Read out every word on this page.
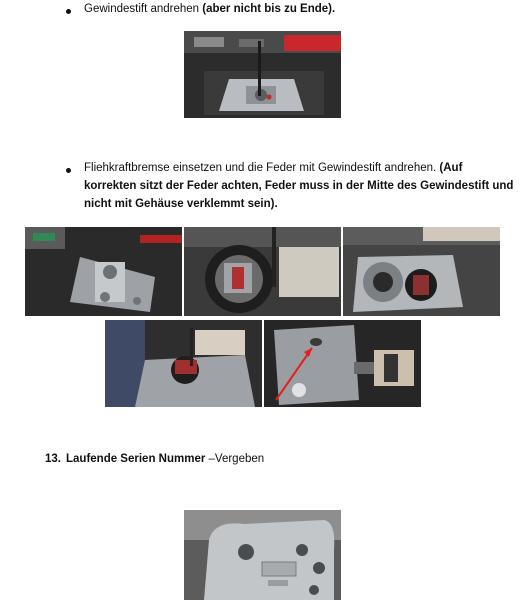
Gewindestift andrehen (aber nicht bis zu Ende).
Fliehkraftbremse einsetzen und die Feder mit Gewindestift andrehen. (Auf
korrekten sitzt der Feder achten, Feder muss in der Mitte des Gewindestift und
nicht mit Gehäuse verklemmt sein).
13. Laufende Serien Nummer –Vergeben
